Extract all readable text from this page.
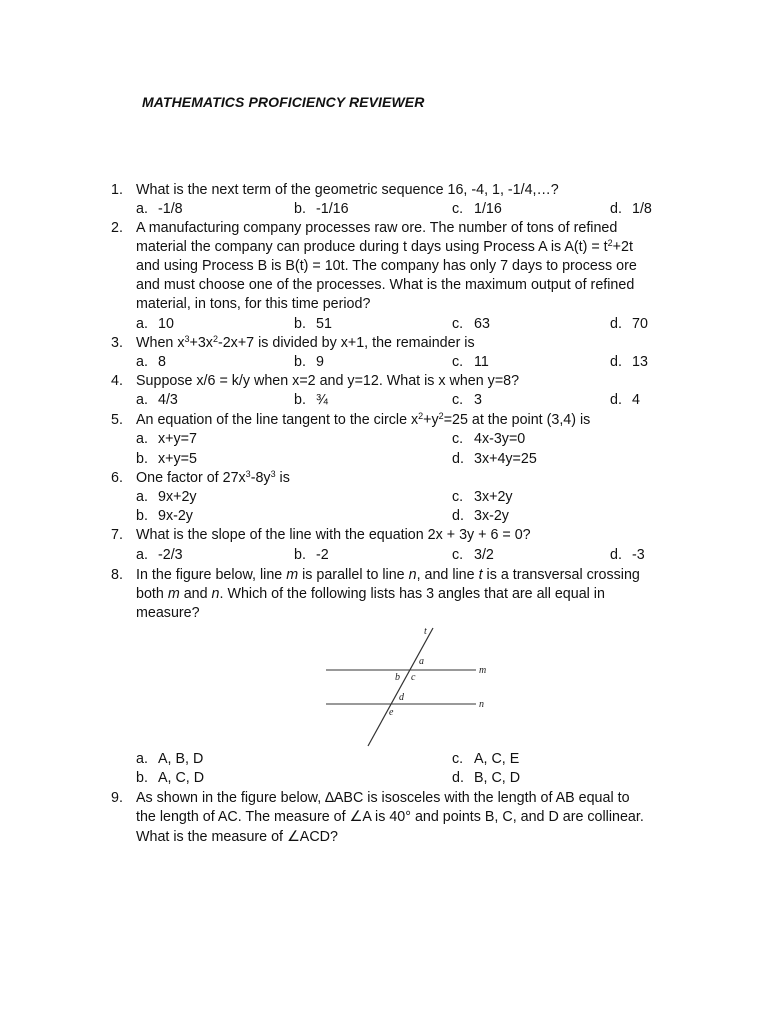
MATHEMATICS PROFICIENCY REVIEWER
1. What is the next term of the geometric sequence 16, -4, 1, -1/4,…?
a. -1/8	b. -1/16	c. 1/16	d. 1/8
2. A manufacturing company processes raw ore. The number of tons of refined
material the company can produce during t days using Process A is $A(t) = t^2+2t$
and using Process B is B(t) = 10t. The company has only 7 days to process ore
and must choose one of the processes. What is the maximum output of refined
material, in tons, for this time period?
a. 10	b. 51	c. 63	d. 70
3. When $x^3+3x^2-2x+7$ is divided by x+1, the remainder is
a. 8	b. 9	c. 11	d. 13
4. Suppose x/6 = k/y when x=2 and y=12. What is x when y=8?
a. 4/3	b. ¾	c. 3	d. 4
5. An equation of the line tangent to the circle $x^2+y^2=25$ at the point (3,4) is
a. x+y=7	c. 4x-3y=0
b. x+y=5	d. 3x+4y=25
6. One factor of $27x^3-8y^3$ is
a. 9x+2y	c. 3x+2y
b. 9x-2y	d. 3x-2y
7. What is the slope of the line with the equation 2x + 3y + 6 = 0?
a. -2/3	b. -2	c. 3/2	d. -3
8. In the figure below, line m is parallel to line n, and line t is a transversal crossing
both m and n. Which of the following lists has 3 angles that are all equal in
measure?
t
m
n
a
b c
d
e
a. A, B, D	c. A, C, E
b. A, C, D	d. B, C, D
9. As shown in the figure below, ∆ABC is isosceles with the length of AB equal to
the length of AC. The measure of ∠A is 40° and points B, C, and D are collinear.
What is the measure of ∠ACD?
